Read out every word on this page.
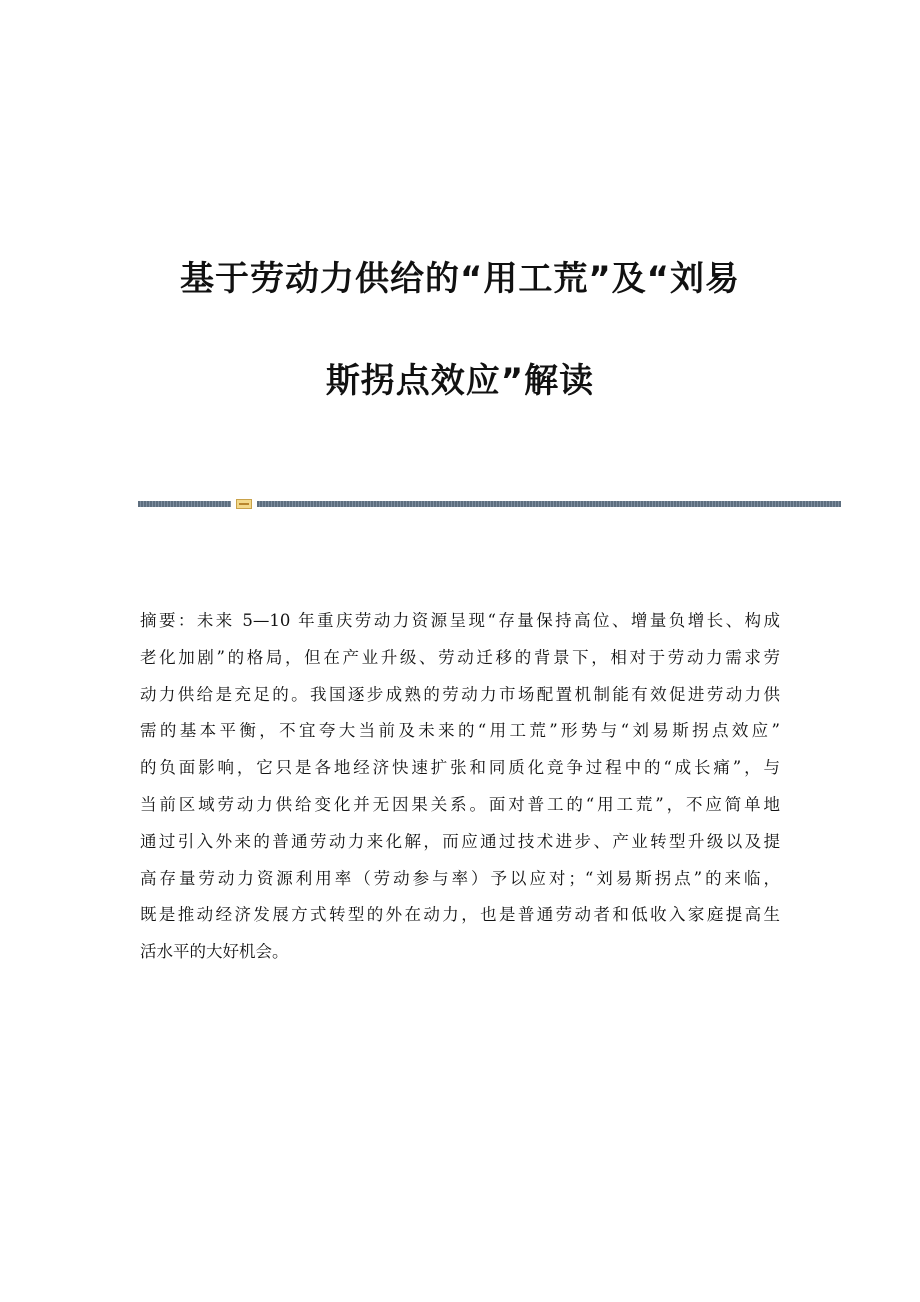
基于劳动力供给的“用工荒”及“刘易
斯拐点效应”解读
摘要：未来 5—10 年重庆劳动力资源呈现“存量保持高位、增量负增长、构成
老化加剧”的格局，但在产业升级、劳动迁移的背景下，相对于劳动力需求劳
动力供给是充足的。我国逐步成熟的劳动力市场配置机制能有效促进劳动力供
需的基本平衡，不宜夸大当前及未来的“用工荒”形势与“刘易斯拐点效应”
的负面影响，它只是各地经济快速扩张和同质化竞争过程中的“成长痛”，与
当前区域劳动力供给变化并无因果关系。面对普工的“用工荒”，不应简单地
通过引入外来的普通劳动力来化解，而应通过技术进步、产业转型升级以及提
高存量劳动力资源利用率（劳动参与率）予以应对；“刘易斯拐点”的来临，
既是推动经济发展方式转型的外在动力，也是普通劳动者和低收入家庭提高生
活水平的大好机会。
